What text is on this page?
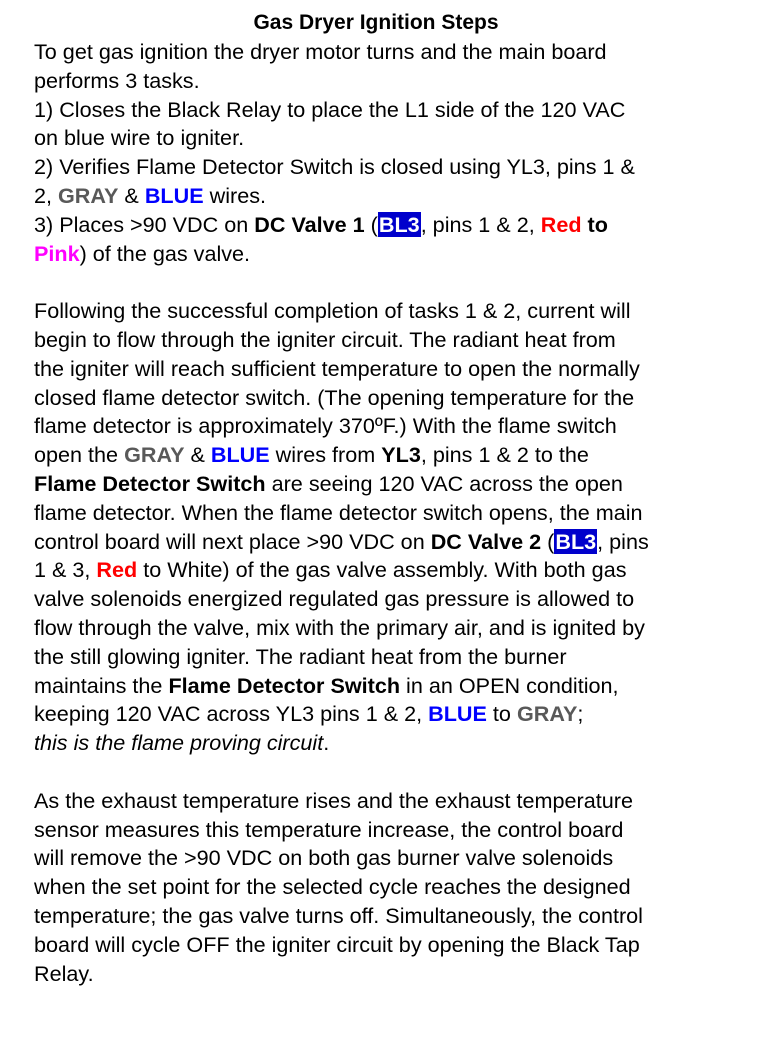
Gas Dryer Ignition Steps

To get gas ignition the dryer motor turns and the main board
performs 3 tasks.

1) Closes the Black Relay to place the L1 side of the 120 VAC
on blue wire to igniter.

2) Verifies Flame Detector Switch is closed using YL3, pins 1 &
2, GRAY & BLUE wires.

3) Places >90 VDC on DC Valve 1 (BL3, pins 1 & 2, Red to
Pink) of the gas valve.

Following the successful completion of tasks 1 & 2, current will
begin to flow through the igniter circuit. The radiant heat from
the igniter will reach sufficient temperature to open the normally
closed flame detector switch. (The opening temperature for the
flame detector is approximately 370ºF.) With the flame switch
open the GRAY & BLUE wires from YL3, pins 1 & 2 to the
Flame Detector Switch are seeing 120 VAC across the open
flame detector. When the flame detector switch opens, the main
control board will next place >90 VDC on DC Valve 2 (BL3, pins
1 & 3, Red to White) of the gas valve assembly. With both gas
valve solenoids energized regulated gas pressure is allowed to
flow through the valve, mix with the primary air, and is ignited by
the still glowing igniter. The radiant heat from the burner
maintains the Flame Detector Switch in an OPEN condition,
keeping 120 VAC across YL3 pins 1 & 2, BLUE to GRAY;
this is the flame proving circuit.

As the exhaust temperature rises and the exhaust temperature
sensor measures this temperature increase, the control board
will remove the >90 VDC on both gas burner valve solenoids
when the set point for the selected cycle reaches the designed
temperature; the gas valve turns off. Simultaneously, the control
board will cycle OFF the igniter circuit by opening the Black Tap
Relay.
